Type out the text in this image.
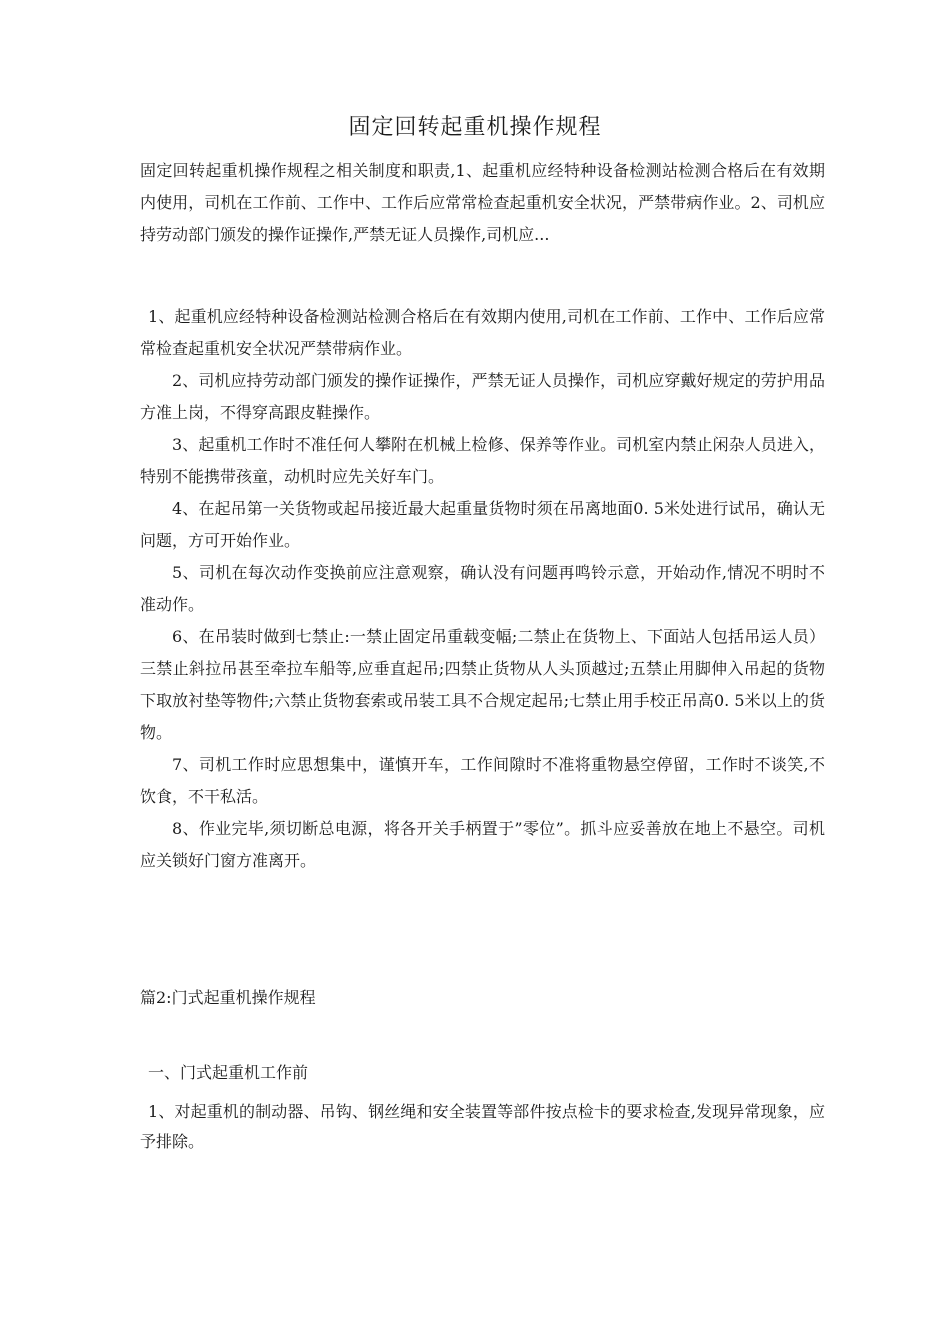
固定回转起重机操作规程
固定回转起重机操作规程之相关制度和职责,1、起重机应经特种设备检测站检测合格后在有效期内使用，司机在工作前、工作中、工作后应常常检查起重机安全状况，严禁带病作业。2、司机应持劳动部门颁发的操作证操作,严禁无证人员操作,司机应...

1、起重机应经特种设备检测站检测合格后在有效期内使用,司机在工作前、工作中、工作后应常常检查起重机安全状况严禁带病作业。

2、司机应持劳动部门颁发的操作证操作，严禁无证人员操作，司机应穿戴好规定的劳护用品方准上岗，不得穿高跟皮鞋操作。

3、起重机工作时不准任何人攀附在机械上检修、保养等作业。司机室内禁止闲杂人员进入，特别不能携带孩童，动机时应先关好车门。

4、在起吊第一关货物或起吊接近最大起重量货物时须在吊离地面0. 5米处进行试吊，确认无问题，方可开始作业。

5、司机在每次动作变换前应注意观察，确认没有问题再鸣铃示意，开始动作,情况不明时不准动作。

6、在吊装时做到七禁止:一禁止固定吊重载变幅;二禁止在货物上、下面站人包括吊运人员）三禁止斜拉吊甚至牵拉车船等,应垂直起吊;四禁止货物从人头顶越过;五禁止用脚伸入吊起的货物下取放衬垫等物件;六禁止货物套索或吊装工具不合规定起吊;七禁止用手校正吊高0. 5米以上的货物。

7、司机工作时应思想集中，谨慎开车，工作间隙时不准将重物悬空停留，工作时不谈笑,不饮食，不干私活。

8、作业完毕,须切断总电源，将各开关手柄置于”零位”。抓斗应妥善放在地上不悬空。司机应关锁好门窗方准离开。

篇2:门式起重机操作规程
一、门式起重机工作前
1、对起重机的制动器、吊钩、钢丝绳和安全装置等部件按点检卡的要求检查,发现异常现象，应予排除。
